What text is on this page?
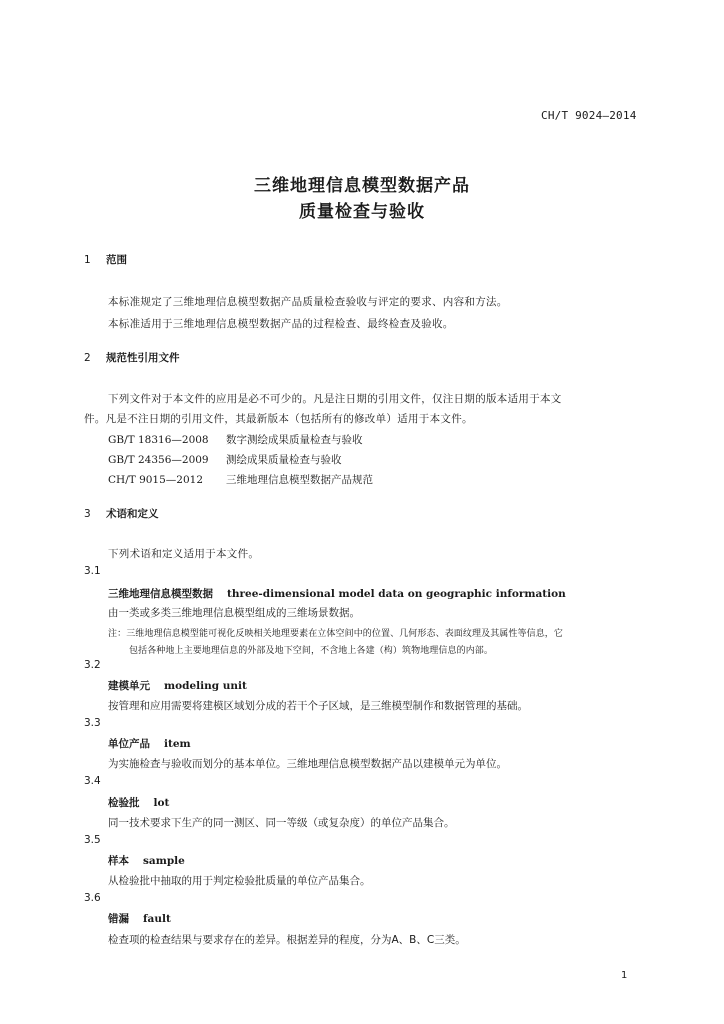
CH/T 9024—2014
三维地理信息模型数据产品
质量检查与验收
1 范围
本标准规定了三维地理信息模型数据产品质量检查验收与评定的要求、内容和方法。
本标准适用于三维地理信息模型数据产品的过程检查、最终检查及验收。
2 规范性引用文件
下列文件对于本文件的应用是必不可少的。凡是注日期的引用文件，仅注日期的版本适用于本文
件。凡是不注日期的引用文件，其最新版本（包括所有的修改单）适用于本文件。
GB/T 18316—2008 数字测绘成果质量检查与验收
GB/T 24356—2009 测绘成果质量检查与验收
CH/T 9015—2012 三维地理信息模型数据产品规范
3 术语和定义
下列术语和定义适用于本文件。
3.1
三维地理信息模型数据 three-dimensional model data on geographic information
由一类或多类三维地理信息模型组成的三维场景数据。
注：三维地理信息模型能可视化反映相关地理要素在立体空间中的位置、几何形态、表面纹理及其属性等信息，它
包括各种地上主要地理信息的外部及地下空间，不含地上各建（构）筑物地理信息的内部。
3.2
建模单元 modeling unit
按管理和应用需要将建模区域划分成的若干个子区域，是三维模型制作和数据管理的基础。
3.3
单位产品 item
为实施检查与验收而划分的基本单位。三维地理信息模型数据产品以建模单元为单位。
3.4
检验批 lot
同一技术要求下生产的同一测区、同一等级（或复杂度）的单位产品集合。
3.5
样本 sample
从检验批中抽取的用于判定检验批质量的单位产品集合。
3.6
错漏 fault
检查项的检查结果与要求存在的差异。根据差异的程度，分为A、B、C三类。
1
